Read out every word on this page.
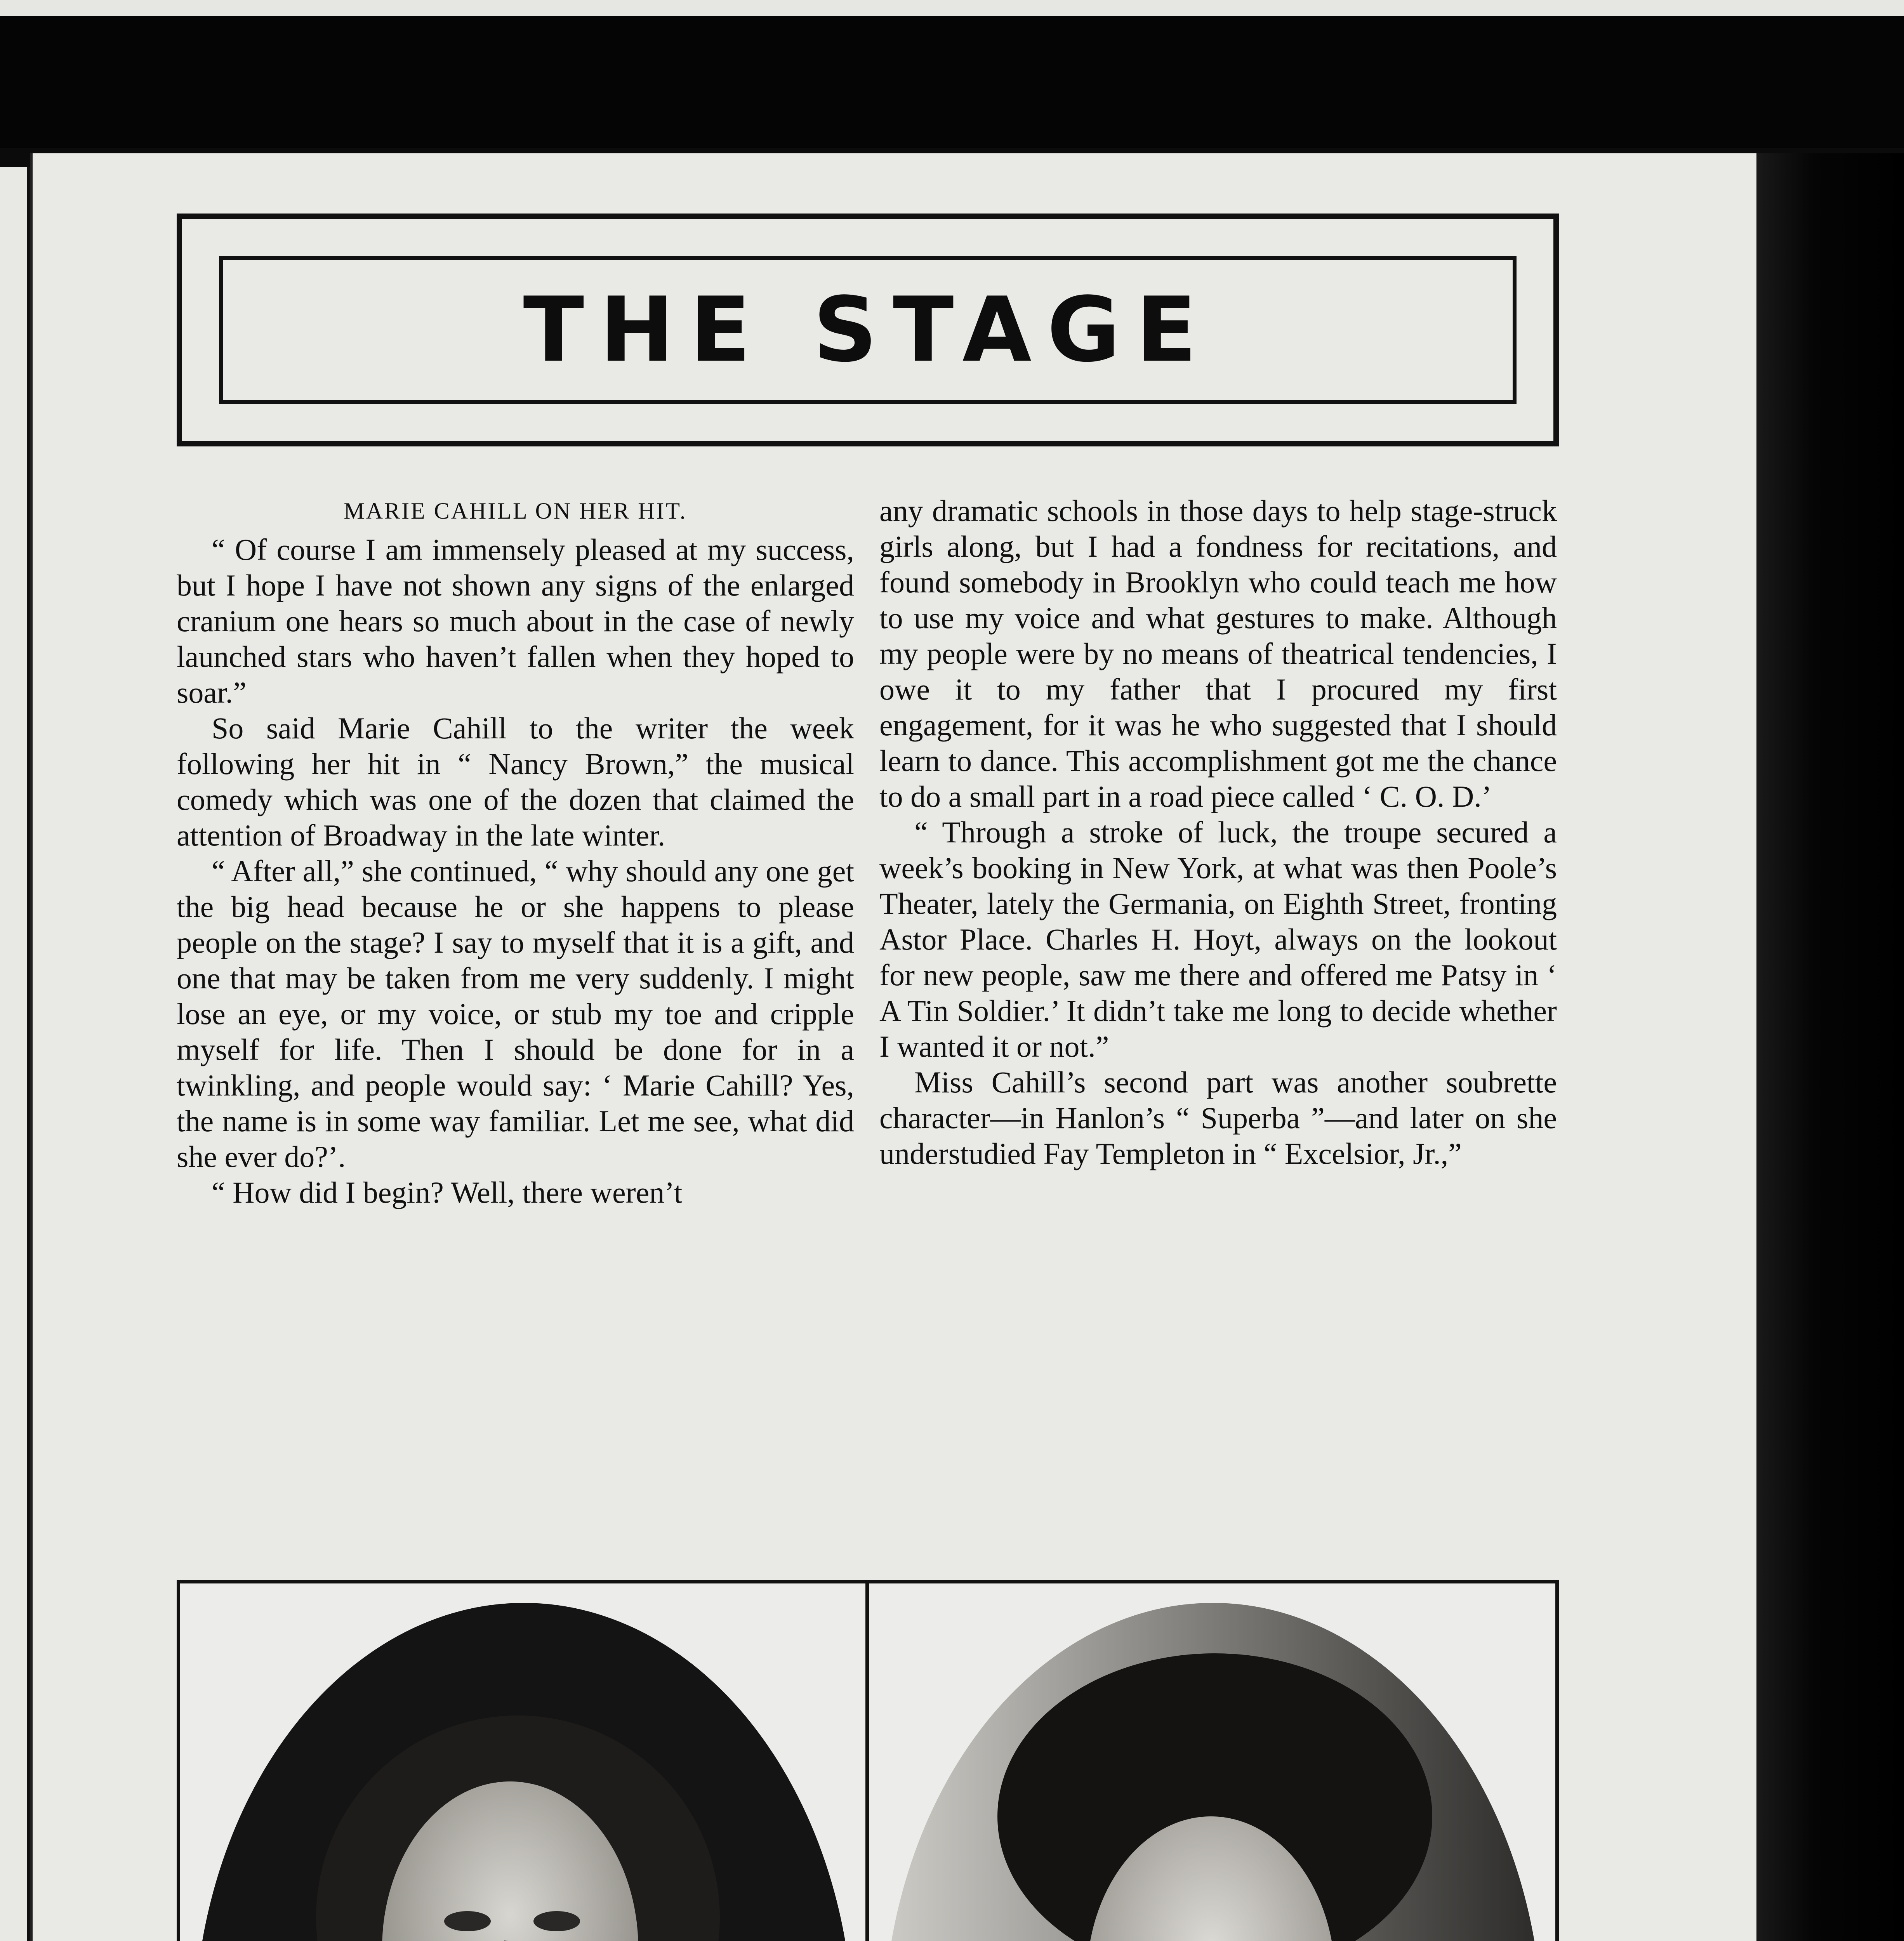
THE STAGE
MARIE CAHILL ON HER HIT.

“ Of course I am immensely pleased at my success, but I hope I have not shown any signs of the enlarged cranium one hears so much about in the case of newly launched stars who haven’t fallen when they hoped to soar.”

So said Marie Cahill to the writer the week following her hit in “ Nancy Brown,” the musical comedy which was one of the dozen that claimed the attention of Broadway in the late winter.

“ After all,” she continued, “ why should any one get the big head because he or she happens to please people on the stage? I say to myself that it is a gift, and one that may be taken from me very suddenly. I might lose an eye, or my voice, or stub my toe and cripple myself for life. Then I should be done for in a twinkling, and people would say: ‘ Marie Cahill? Yes, the name is in some way familiar. Let me see, what did she ever do?’.

“ How did I begin? Well, there weren’t

any dramatic schools in those days to help stage-struck girls along, but I had a fondness for recitations, and found somebody in Brooklyn who could teach me how to use my voice and what gestures to make. Although my people were by no means of theatrical tendencies, I owe it to my father that I procured my first engagement, for it was he who suggested that I should learn to dance. This accomplishment got me the chance to do a small part in a road piece called ‘ C. O. D.’

“ Through a stroke of luck, the troupe secured a week’s booking in New York, at what was then Poole’s Theater, lately the Germania, on Eighth Street, fronting Astor Place. Charles H. Hoyt, always on the lookout for new people, saw me there and offered me Patsy in ‘ A Tin Soldier.’ It didn’t take me long to decide whether I wanted it or not.”

Miss Cahill’s second part was another soubrette character—in Hanlon’s “ Superba ”—and later on she understudied Fay Templeton in “ Excelsior, Jr.,”
